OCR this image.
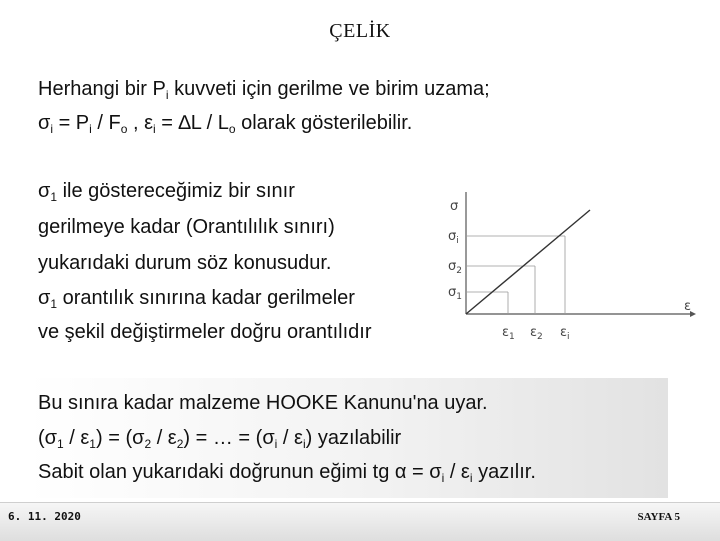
ÇELİK
Herhangi bir $P_i$ kuvveti için gerilme ve birim uzama;
$\sigma_i = P_i / F_o$ , $\varepsilon_i = \Delta L / L_o$ olarak gösterilebilir.
$\sigma_1$ ile göstereceğimiz bir sınır
gerilmeye kadar (Orantılılık sınırı)
yukarıdaki durum söz konusudur.
$\sigma_1$ orantılık sınırına kadar gerilmeler
ve şekil değiştirmeler doğru orantılıdır
Bu sınıra kadar malzeme HOOKE Kanunu'na uyar.
$(\sigma_1 / \varepsilon_1) = (\sigma_2 / \varepsilon_2)$ = … = $(\sigma_i / \varepsilon_i)$ yazılabilir
Sabit olan yukarıdaki doğrunun eğimi tg $\alpha = \sigma_i / \varepsilon_i$ yazılır.
σ
$\sigma_i$
$\sigma_2$
$\sigma_1$
ε
$\varepsilon_1$ $\varepsilon_2$ $\varepsilon_i$
6. 11. 2020	SAYFA 5
